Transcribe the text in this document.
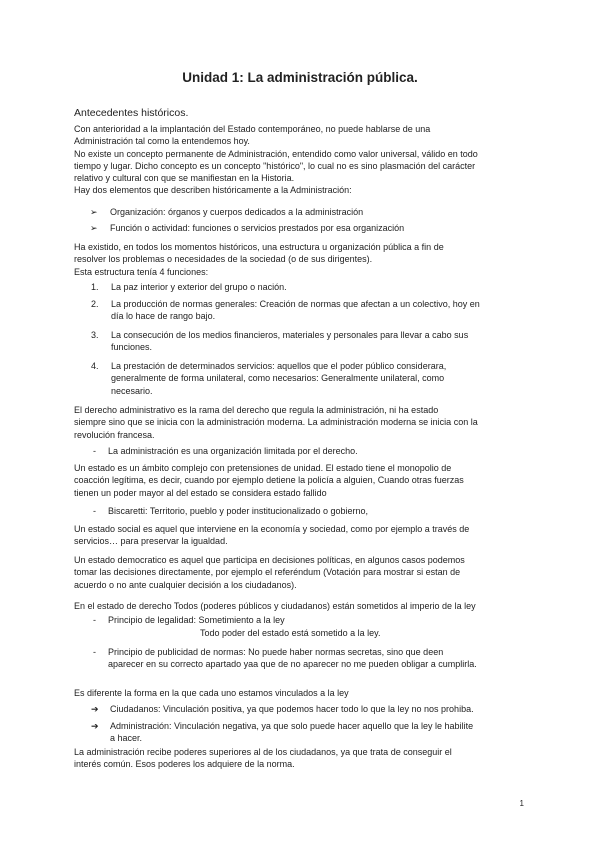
Unidad 1: La administración pública.
Antecedentes históricos.
Con anterioridad a la implantación del Estado contemporáneo, no puede hablarse de una
Administración tal como la entendemos hoy.
No existe un concepto permanente de Administración, entendido como valor universal, válido en todo
tiempo y lugar. Dicho concepto es un concepto "histórico", lo cual no es sino plasmación del carácter
relativo y cultural con que se manifiestan en la Historia.
Hay dos elementos que describen históricamente a la Administración:
➢ Organización: órganos y cuerpos dedicados a la administración
➢ Función o actividad: funciones o servicios prestados por esa organización
Ha existido, en todos los momentos históricos, una estructura u organización pública a fin de
resolver los problemas o necesidades de la sociedad (o de sus dirigentes).
Esta estructura tenía 4 funciones:
1. La paz interior y exterior del grupo o nación.
2. La producción de normas generales: Creación de normas que afectan a un colectivo, hoy en
día lo hace de rango bajo.
3. La consecución de los medios financieros, materiales y personales para llevar a cabo sus
funciones.
4. La prestación de determinados servicios: aquellos que el poder público considerara,
generalmente de forma unilateral, como necesarios: Generalmente unilateral, como
necesario.
El derecho administrativo es la rama del derecho que regula la administración, ni ha estado
siempre sino que se inicia con la administración moderna. La administración moderna se inicia con la
revolución francesa.
- La administración es una organización limitada por el derecho.
Un estado es un ámbito complejo con pretensiones de unidad. El estado tiene el monopolio de
coacción legítima, es decir, cuando por ejemplo detiene la policía a alguien, Cuando otras fuerzas
tienen un poder mayor al del estado se considera estado fallido
- Biscaretti: Territorio, pueblo y poder institucionalizado o gobierno,
Un estado social es aquel que interviene en la economía y sociedad, como por ejemplo a través de
servicios… para preservar la igualdad.
Un estado democratico es aquel que participa en decisiones políticas, en algunos casos podemos
tomar las decisiones directamente, por ejemplo el referéndum (Votación para mostrar si estan de
acuerdo o no ante cualquier decisión a los ciudadanos).
En el estado de derecho Todos (poderes públicos y ciudadanos) están sometidos al imperio de la ley
- Principio de legalidad: Sometimiento a la ley
Todo poder del estado está sometido a la ley.
- Principio de publicidad de normas: No puede haber normas secretas, sino que deen
aparecer en su correcto apartado yaa que de no aparecer no me pueden obligar a cumplirla.
Es diferente la forma en la que cada uno estamos vinculados a la ley
➔ Ciudadanos: Vinculación positiva, ya que podemos hacer todo lo que la ley no nos prohiba.
➔ Administración: Vinculación negativa, ya que solo puede hacer aquello que la ley le habilite
a hacer.
La administración recibe poderes superiores al de los ciudadanos, ya que trata de conseguir el
interés común. Esos poderes los adquiere de la norma.
1
